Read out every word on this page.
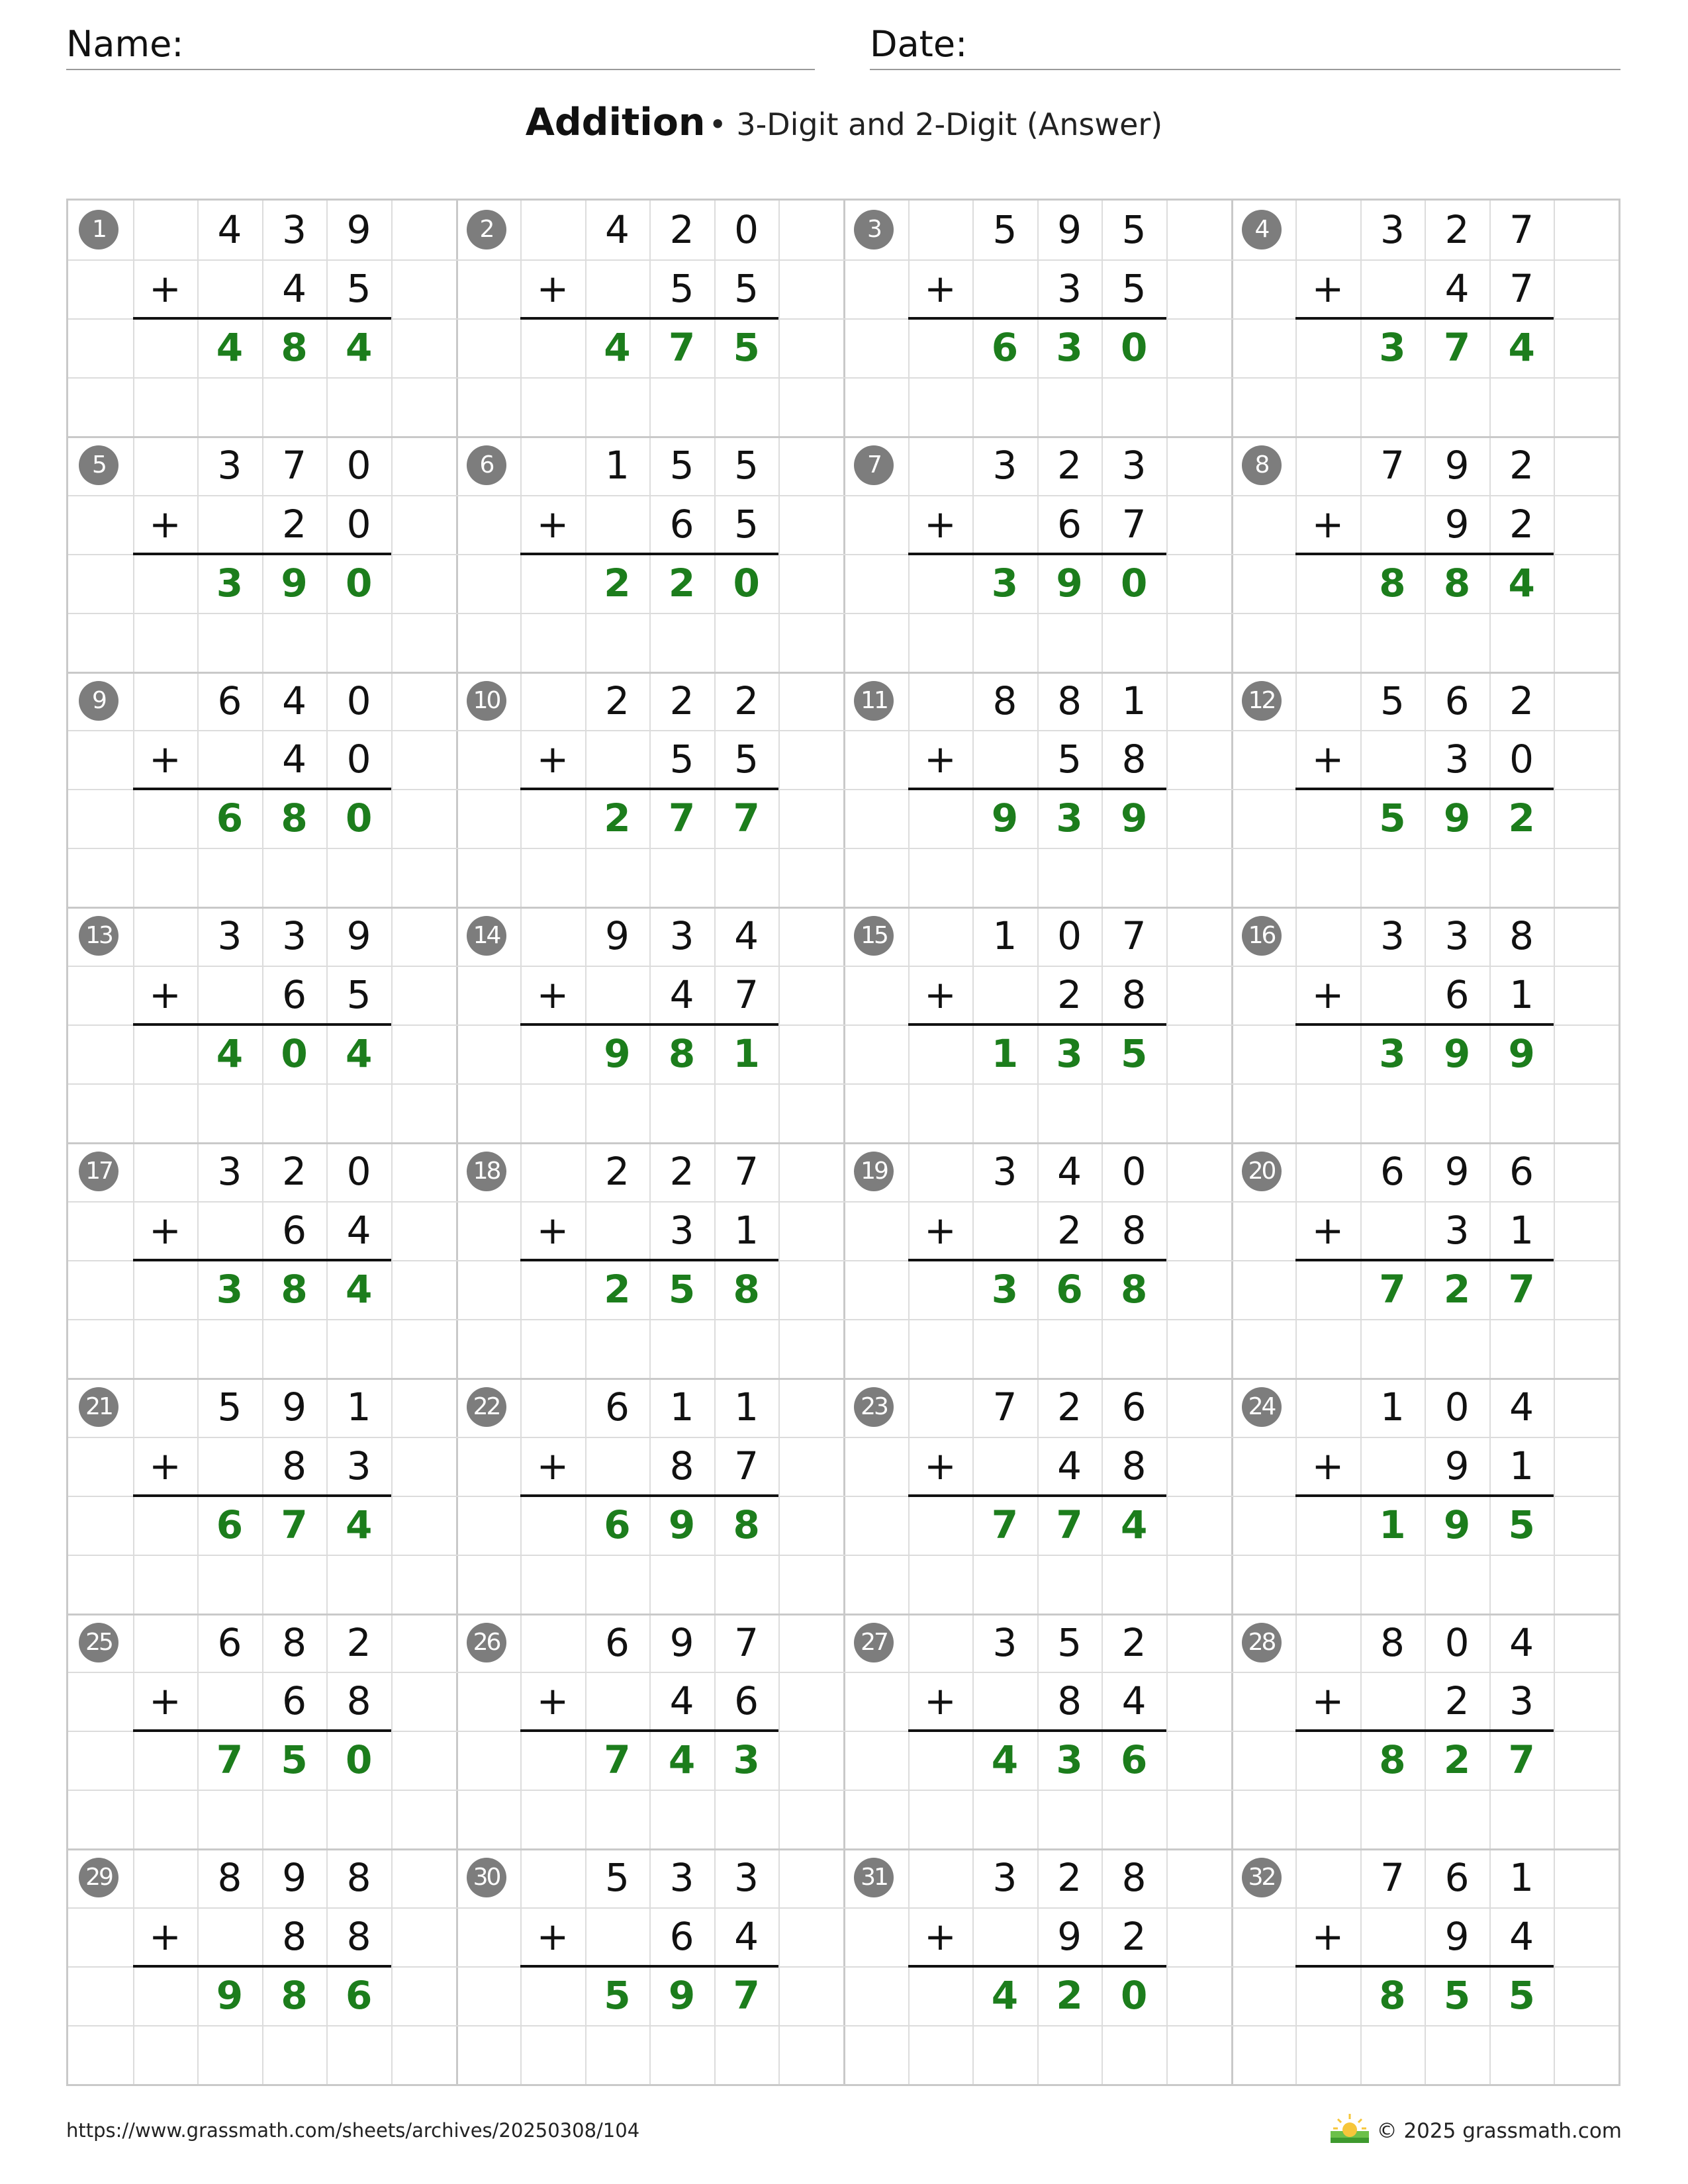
Name:	Date:
Addition • 3-Digit and 2-Digit (Answer)
1	4	3	9
+	4	5
4 8 4
2	4	2	0
+	5	5
4 7 5
3	5	9	5
+	3	5
6 3 0
4	3	2	7
+	4	7
3 7 4
5	3	7	0
+	2	0
3 9 0
6	1	5	5
+	6	5
2 2 0
7	3	2	3
+	6	7
3 9 0
8	7	9	2
+	9	2
8 8 4
9	6	4	0
+	4	0
6 8 0
10	2	2	2
+	5	5
2 7 7
11	8	8	1
+	5	8
9 3 9
12	5	6	2
+	3	0
5 9 2
13	3	3	9
+	6	5
4 0 4
14	9	3	4
+	4	7
9 8 1
15	1	0	7
+	2	8
1 3 5
16	3	3	8
+	6	1
3 9 9
17	3	2	0
+	6	4
3 8 4
18	2	2	7
+	3	1
2 5 8
19	3	4	0
+	2	8
3 6 8
20	6	9	6
+	3	1
7 2 7
21	5	9	1
+	8	3
6 7 4
22	6	1	1
+	8	7
6 9 8
23	7	2	6
+	4	8
7 7 4
24	1	0	4
+	9	1
1 9 5
25	6	8	2
+	6	8
7 5 0
26	6	9	7
+	4	6
7 4 3
27	3	5	2
+	8	4
4 3 6
28	8	0	4
+	2	3
8 2 7
29	8	9	8
+	8	8
9 8 6
30	5	3	3
+	6	4
5 9 7
31	3	2	8
+	9	2
4 2 0
32	7	6	1
+	9	4
8 5 5
https://www.grassmath.com/sheets/archives/20250308/104	© 2025 grassmath.com
